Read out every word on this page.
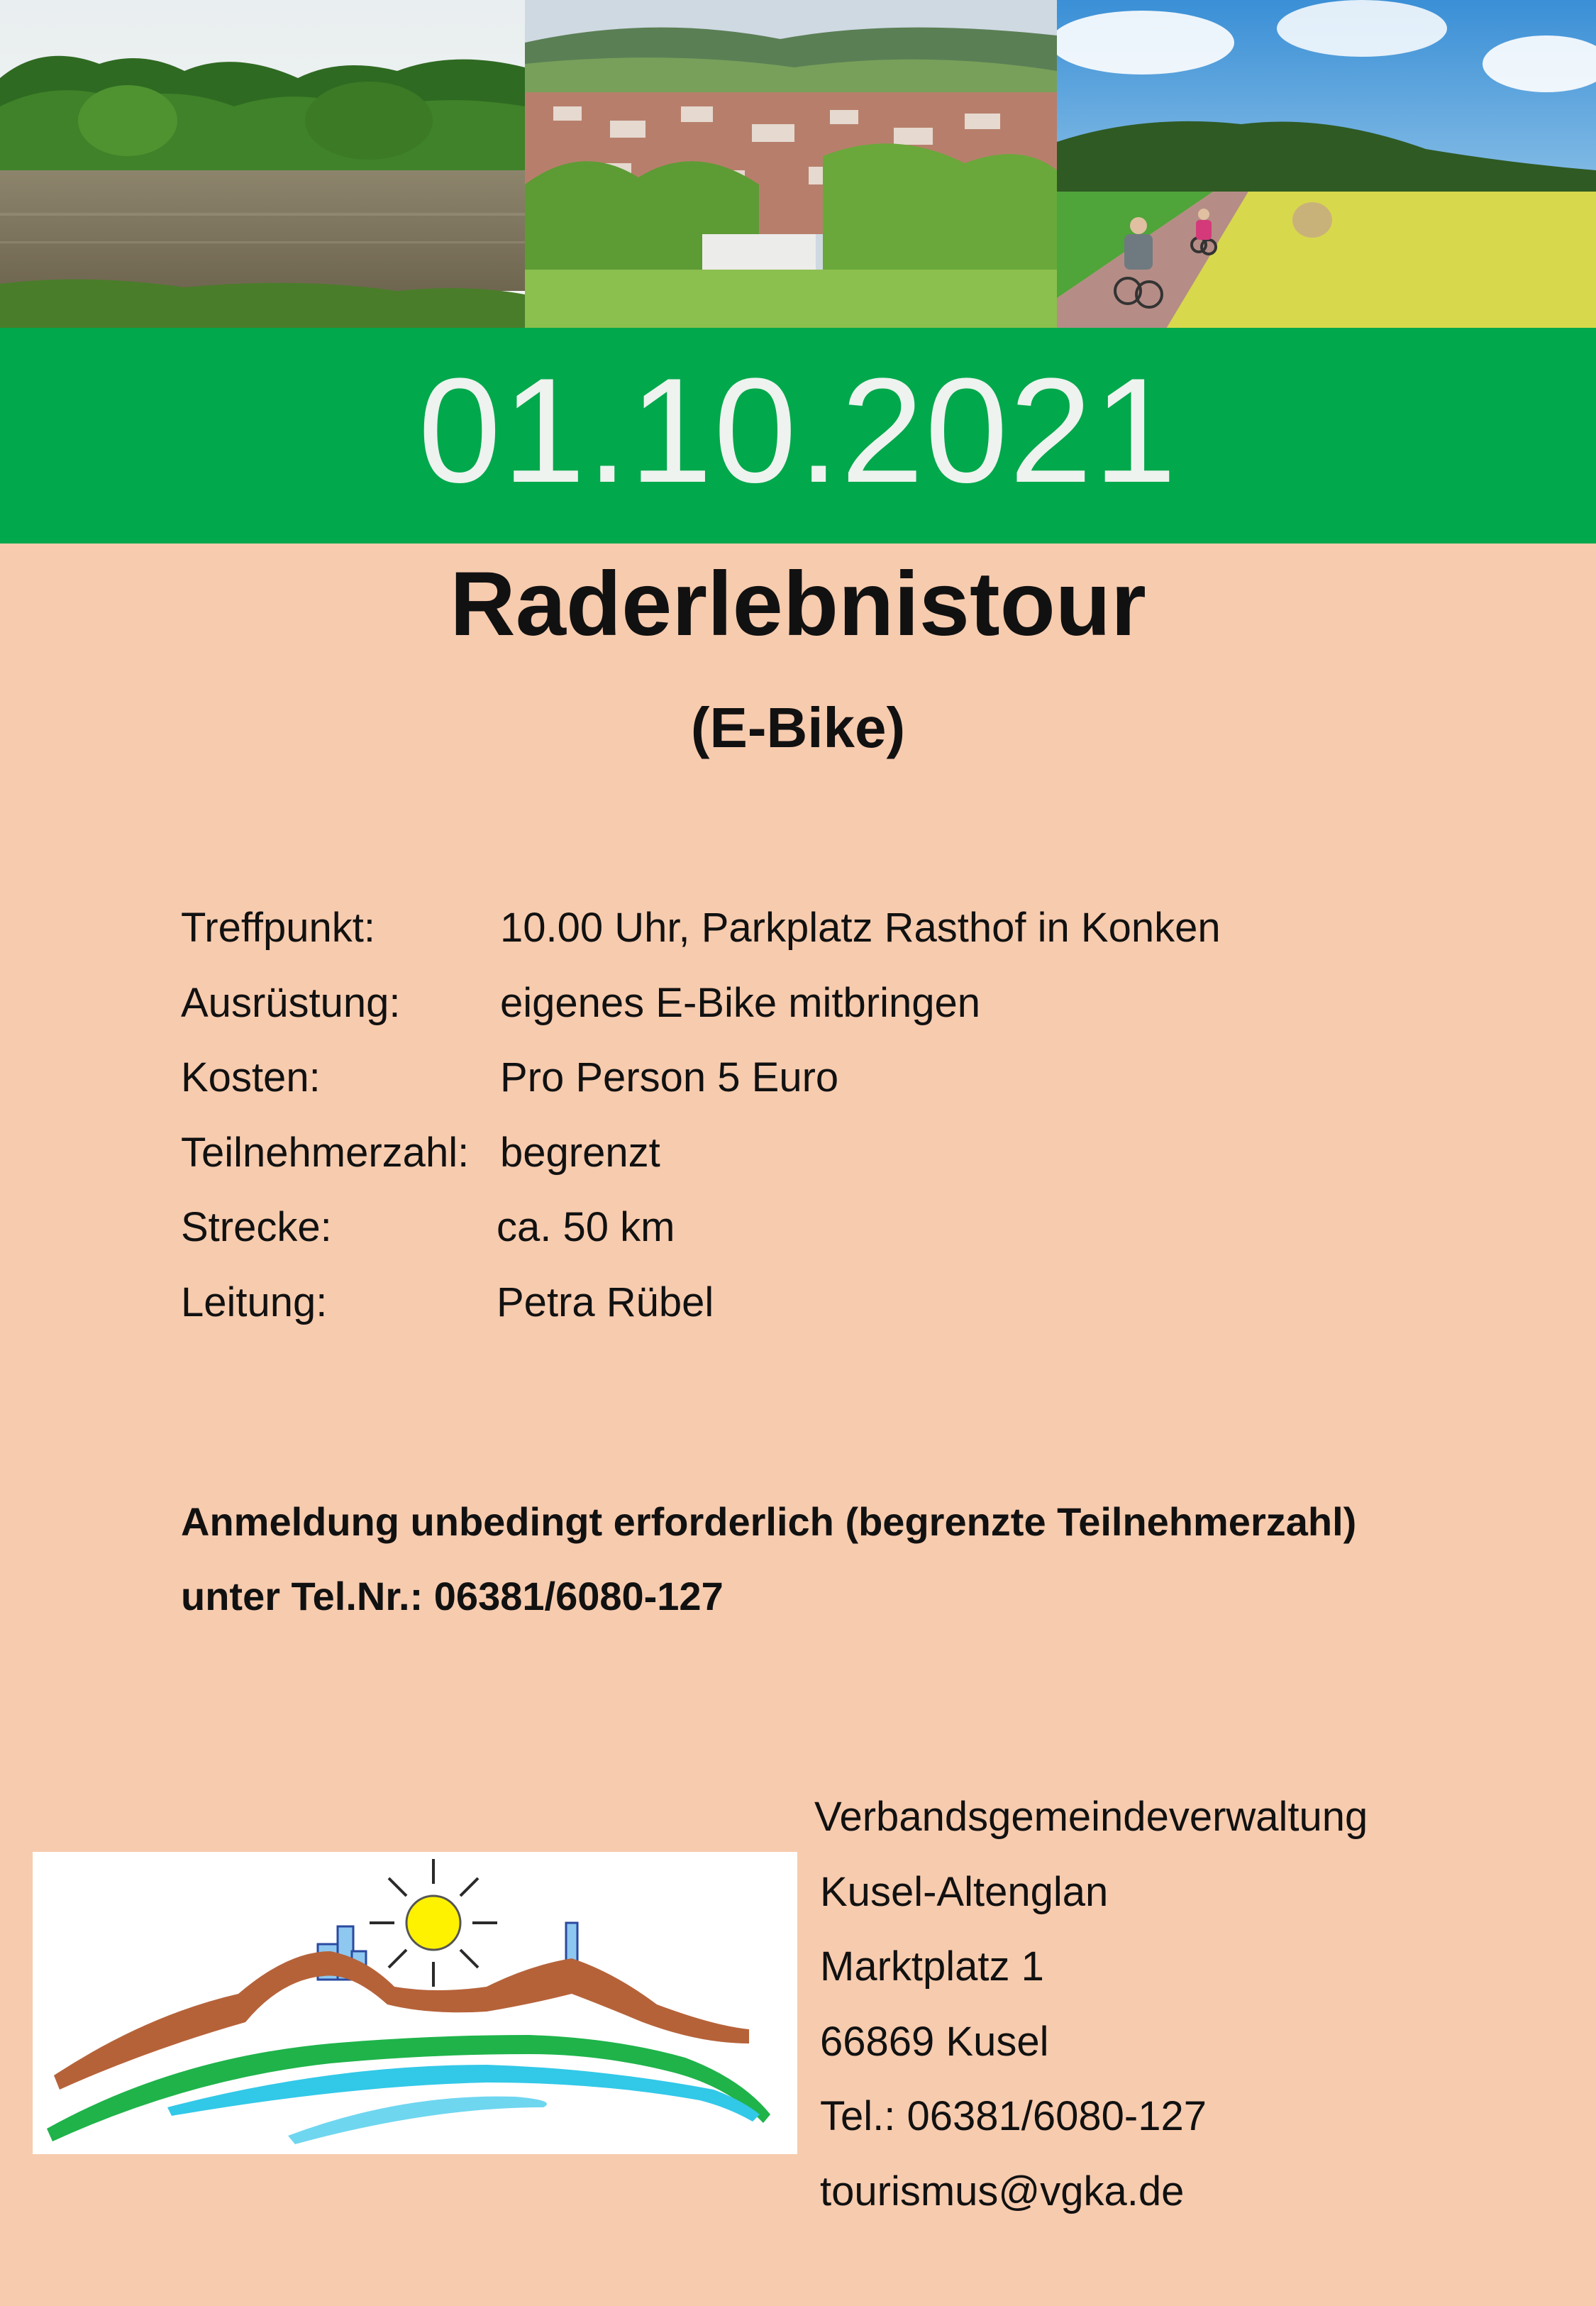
01.10.2021
Raderlebnistour
(E-Bike)
Treffpunkt:	10.00 Uhr, Parkplatz Rasthof in Konken
Ausrüstung: eigenes E-Bike mitbringen
Kosten:	Pro Person 5 Euro
Teilnehmerzahl: begrenzt
Strecke:	ca. 50 km
Leitung:	Petra Rübel
Anmeldung unbedingt erforderlich (begrenzte Teilnehmerzahl)
unter Tel.Nr.: 06381/6080-127
Verbandsgemeindeverwaltung
Kusel-Altenglan
Marktplatz 1
66869 Kusel
Tel.: 06381/6080-127
tourismus@vgka.de
